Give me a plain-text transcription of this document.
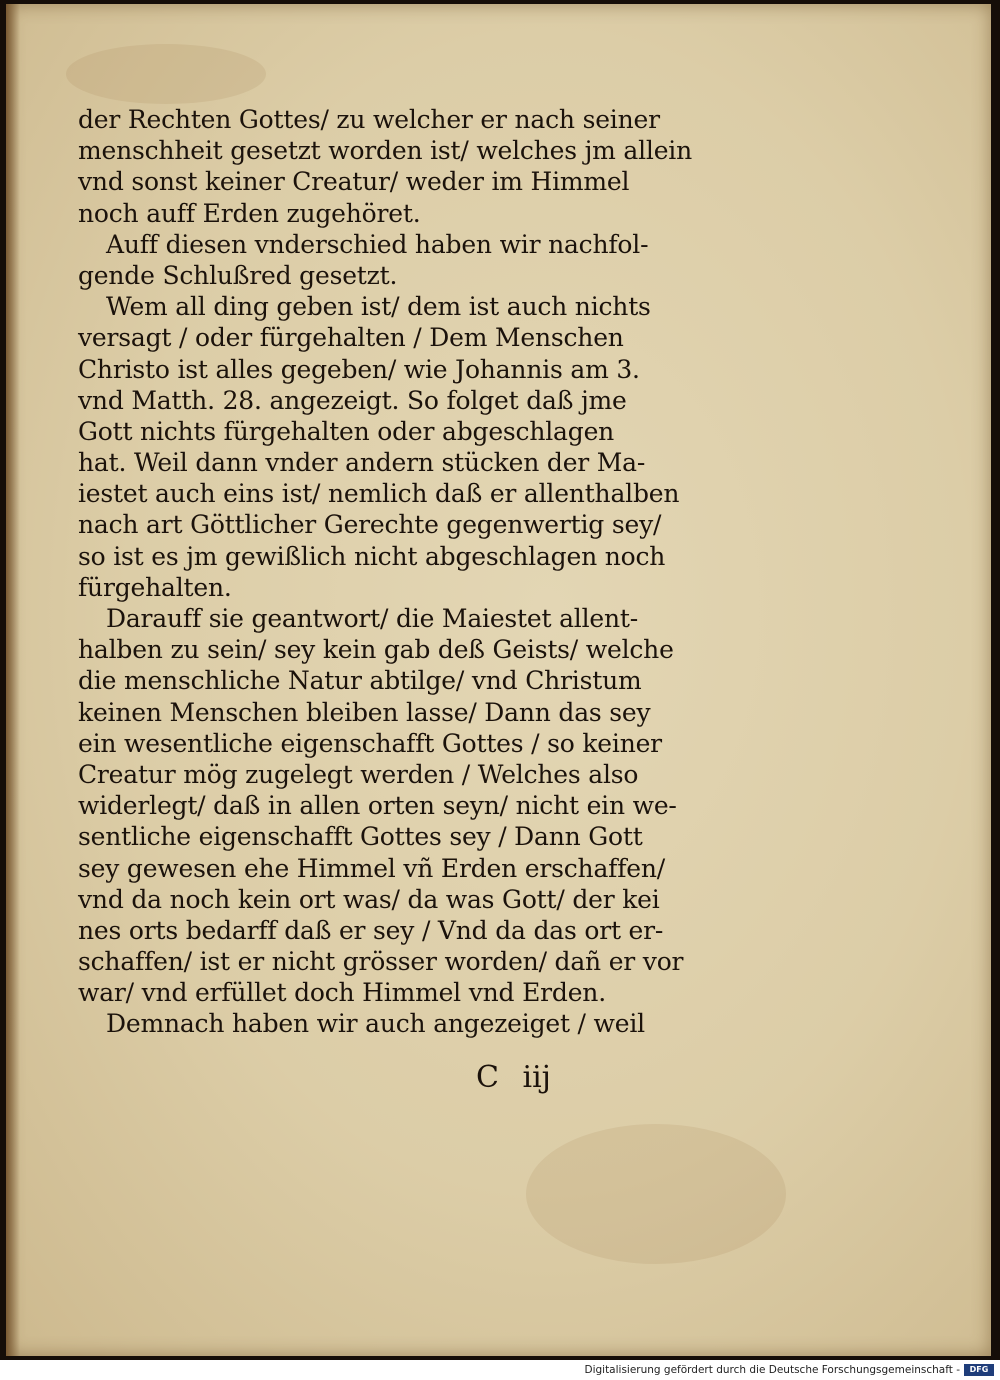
der Rechten Gottes/ zu welcher er nach seiner
menschheit gesetzt worden ist/ welches jm allein
vnd sonst keiner Creatur/ weder im Himmel
noch auff Erden zugehöret.
Auff diesen vnderschied haben wir nachfol-
gende Schlußred gesetzt.
Wem all ding geben ist/ dem ist auch nichts
versagt / oder fürgehalten / Dem Menschen
Christo ist alles gegeben/ wie Johannis am 3.
vnd Matth. 28. angezeigt. So folget daß jme
Gott nichts fürgehalten oder abgeschlagen
hat. Weil dann vnder andern stücken der Ma-
iestet auch eins ist/ nemlich daß er allenthalben
nach art Göttlicher Gerechte gegenwertig sey/
so ist es jm gewißlich nicht abgeschlagen noch
fürgehalten.
Darauff sie geantwort/ die Maiestet allent-
halben zu sein/ sey kein gab deß Geists/ welche
die menschliche Natur abtilge/ vnd Christum
keinen Menschen bleiben lasse/ Dann das sey
ein wesentliche eigenschafft Gottes / so keiner
Creatur mög zugelegt werden / Welches also
widerlegt/ daß in allen orten seyn/ nicht ein we-
sentliche eigenschafft Gottes sey / Dann Gott
sey gewesen ehe Himmel vñ Erden erschaffen/
vnd da noch kein ort was/ da was Gott/ der kei
nes orts bedarff daß er sey / Vnd da das ort er-
schaffen/ ist er nicht grösser worden/ dañ er vor
war/ vnd erfüllet doch Himmel vnd Erden.
Demnach haben wir auch angezeiget / weil
C iij
Digitalisierung gefördert durch die Deutsche Forschungsgemeinschaft -	DFG
